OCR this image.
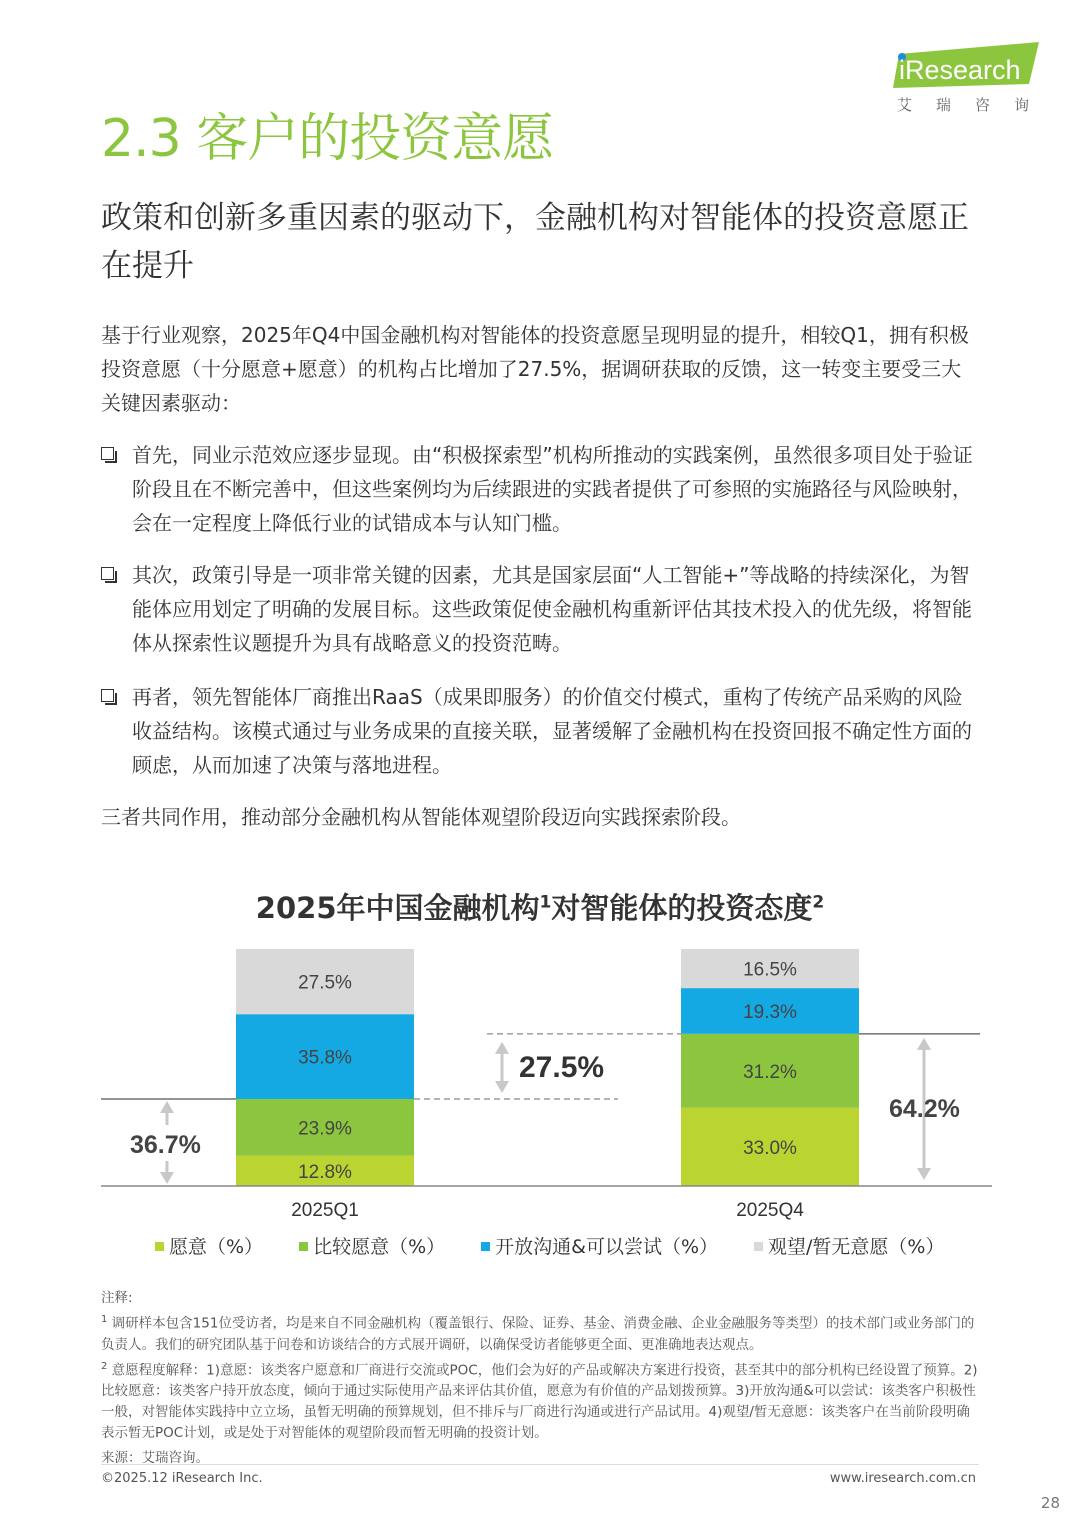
iResearch
艾瑞咨询
2.3 客户的投资意愿
政策和创新多重因素的驱动下，金融机构对智能体的投资意愿正在提升

基于行业观察，2025年Q4中国金融机构对智能体的投资意愿呈现明显的提升，相较Q1，拥有积极投资意愿（十分愿意+愿意）的机构占比增加了27.5%，据调研获取的反馈，这一转变主要受三大关键因素驱动：

首先，同业示范效应逐步显现。由“积极探索型”机构所推动的实践案例，虽然很多项目处于验证阶段且在不断完善中，但这些案例均为后续跟进的实践者提供了可参照的实施路径与风险映射，会在一定程度上降低行业的试错成本与认知门槛。
其次，政策引导是一项非常关键的因素，尤其是国家层面“人工智能+”等战略的持续深化，为智能体应用划定了明确的发展目标。这些政策促使金融机构重新评估其技术投入的优先级，将智能体从探索性议题提升为具有战略意义的投资范畴。
再者，领先智能体厂商推出RaaS（成果即服务）的价值交付模式，重构了传统产品采购的风险收益结构。该模式通过与业务成果的直接关联，显著缓解了金融机构在投资回报不确定性方面的顾虑，从而加速了决策与落地进程。

三者共同作用，推动部分金融机构从智能体观望阶段迈向实践探索阶段。

2025年中国金融机构$^1$对智能体的投资态度$^2$
12.8%
23.9%
35.8%
27.5%
2025Q1
33.0%
31.2%
19.3%
16.5%
2025Q4
36.7%
64.2%
27.5%
愿意（%）	比较愿意（%）	开放沟通&可以尝试（%）	观望/暂无意愿（%）

注释:

$^1$ 调研样本包含151位受访者，均是来自不同金融机构（覆盖银行、保险、证券、基金、消费金融、企业金融服务等类型）的技术部门或业务部门的负责人。我们的研究团队基于问卷和访谈结合的方式展开调研，以确保受访者能够更全面、更准确地表达观点。

$^2$ 意愿程度解释：1)意愿：该类客户愿意和厂商进行交流或POC，他们会为好的产品或解决方案进行投资，甚至其中的部分机构已经设置了预算。2)比较愿意：该类客户持开放态度，倾向于通过实际使用产品来评估其价值，愿意为有价值的产品划拨预算。3)开放沟通&可以尝试：该类客户积极性一般，对智能体实践持中立立场，虽暂无明确的预算规划，但不排斥与厂商进行沟通或进行产品试用。4)观望/暂无意愿：该类客户在当前阶段明确表示暂无POC计划，或是处于对智能体的观望阶段而暂无明确的投资计划。

来源：艾瑞咨询。

©2025.12 iResearch Inc.	www.iresearch.com.cn
28
